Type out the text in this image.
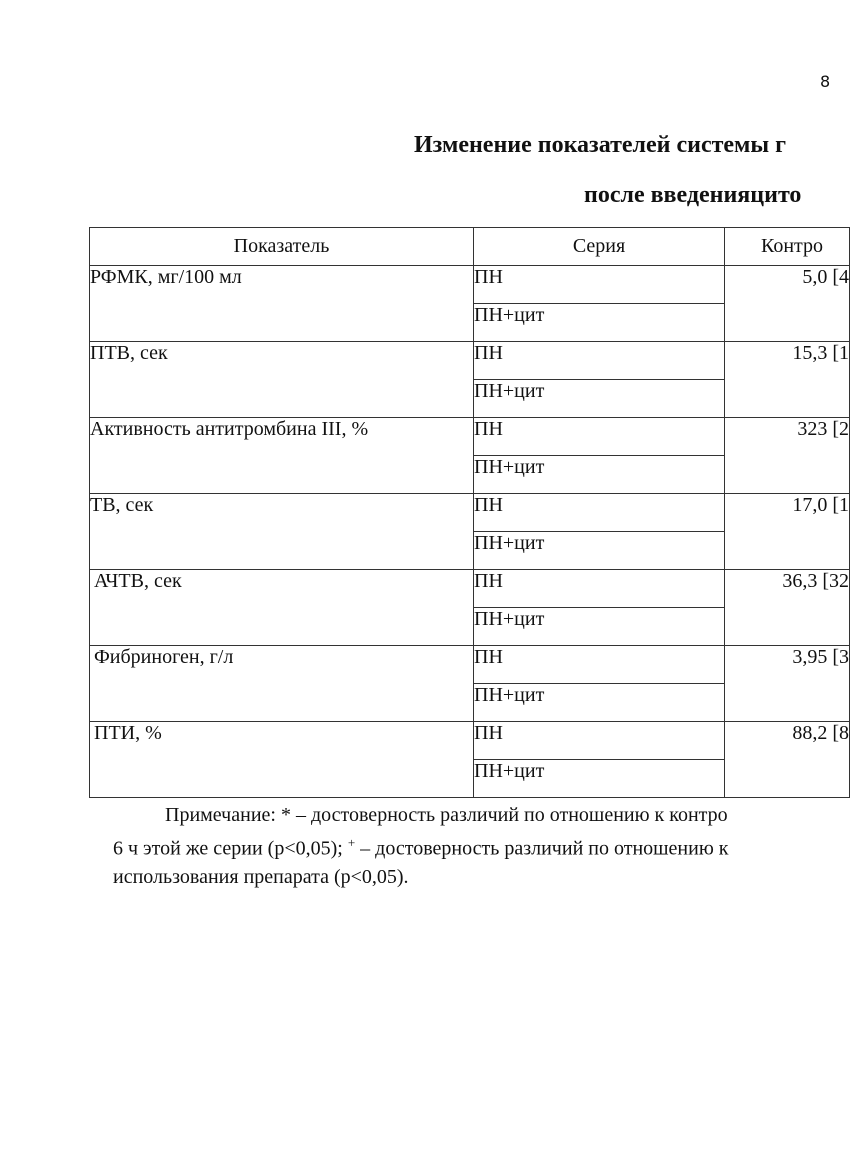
8
Изменение показателей системы г
после введенияцито
Показатель	Серия	Контро
РФМК, мг/100 мл	ПН	5,0 [4
	ПН+цит	
ПТВ, сек	ПН	15,3 [1
	ПН+цит	
Активность антитромбина III, %	ПН	323 [2
	ПН+цит	
ТВ, сек	ПН	17,0 [1
	ПН+цит	
АЧТВ, сек	ПН	36,3 [32
	ПН+цит	
Фибриноген, г/л	ПН	3,95 [3
	ПН+цит	
ПТИ, %	ПН	88,2 [8
	ПН+цит	
Примечание: * – достоверность различий по отношению к контро
6 ч этой же серии (р<0,05); + – достоверность различий по отношению к
использования препарата (р<0,05).
